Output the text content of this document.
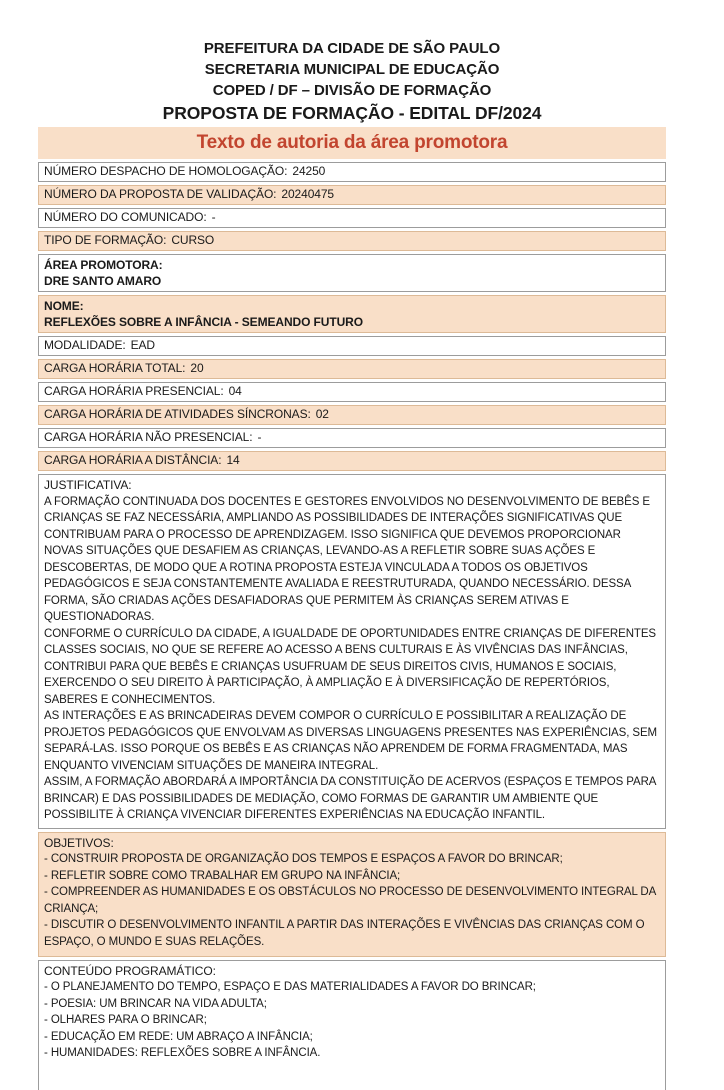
PREFEITURA DA CIDADE DE SÃO PAULO
SECRETARIA MUNICIPAL DE EDUCAÇÃO
COPED / DF – DIVISÃO DE FORMAÇÃO
PROPOSTA DE FORMAÇÃO - EDITAL DF/2024
Texto de autoria da área promotora
NÚMERO DESPACHO DE HOMOLOGAÇÃO: 24250
NÚMERO DA PROPOSTA DE VALIDAÇÃO: 20240475
NÚMERO DO COMUNICADO: -
TIPO DE FORMAÇÃO: CURSO
ÁREA PROMOTORA:
DRE SANTO AMARO
NOME:
REFLEXÕES SOBRE A INFÂNCIA - SEMEANDO FUTURO
MODALIDADE: EAD
CARGA HORÁRIA TOTAL: 20
CARGA HORÁRIA PRESENCIAL: 04
CARGA HORÁRIA DE ATIVIDADES SÍNCRONAS: 02
CARGA HORÁRIA NÃO PRESENCIAL: -
CARGA HORÁRIA A DISTÂNCIA: 14
JUSTIFICATIVA:
A FORMAÇÃO CONTINUADA DOS DOCENTES E GESTORES ENVOLVIDOS NO DESENVOLVIMENTO DE BEBÊS E CRIANÇAS SE FAZ NECESSÁRIA, AMPLIANDO AS POSSIBILIDADES DE INTERAÇÕES SIGNIFICATIVAS QUE CONTRIBUAM PARA O PROCESSO DE APRENDIZAGEM. ISSO SIGNIFICA QUE DEVEMOS PROPORCIONAR NOVAS SITUAÇÕES QUE DESAFIEM AS CRIANÇAS, LEVANDO-AS A REFLETIR SOBRE SUAS AÇÕES E DESCOBERTAS, DE MODO QUE A ROTINA PROPOSTA ESTEJA VINCULADA A TODOS OS OBJETIVOS PEDAGÓGICOS E SEJA CONSTANTEMENTE AVALIADA E REESTRUTURADA, QUANDO NECESSÁRIO. DESSA FORMA, SÃO CRIADAS AÇÕES DESAFIADORAS QUE PERMITEM ÀS CRIANÇAS SEREM ATIVAS E QUESTIONADORAS.
CONFORME O CURRÍCULO DA CIDADE, A IGUALDADE DE OPORTUNIDADES ENTRE CRIANÇAS DE DIFERENTES CLASSES SOCIAIS, NO QUE SE REFERE AO ACESSO A BENS CULTURAIS E ÀS VIVÊNCIAS DAS INFÂNCIAS, CONTRIBUI PARA QUE BEBÊS E CRIANÇAS USUFRUAM DE SEUS DIREITOS CIVIS, HUMANOS E SOCIAIS, EXERCENDO O SEU DIREITO À PARTICIPAÇÃO, À AMPLIAÇÃO E À DIVERSIFICAÇÃO DE REPERTÓRIOS, SABERES E CONHECIMENTOS.
AS INTERAÇÕES E AS BRINCADEIRAS DEVEM COMPOR O CURRÍCULO E POSSIBILITAR A REALIZAÇÃO DE PROJETOS PEDAGÓGICOS QUE ENVOLVAM AS DIVERSAS LINGUAGENS PRESENTES NAS EXPERIÊNCIAS, SEM SEPARÁ-LAS. ISSO PORQUE OS BEBÊS E AS CRIANÇAS NÃO APRENDEM DE FORMA FRAGMENTADA, MAS ENQUANTO VIVENCIAM SITUAÇÕES DE MANEIRA INTEGRAL.
ASSIM, A FORMAÇÃO ABORDARÁ A IMPORTÂNCIA DA CONSTITUIÇÃO DE ACERVOS (ESPAÇOS E TEMPOS PARA BRINCAR) E DAS POSSIBILIDADES DE MEDIAÇÃO, COMO FORMAS DE GARANTIR UM AMBIENTE QUE POSSIBILITE À CRIANÇA VIVENCIAR DIFERENTES EXPERIÊNCIAS NA EDUCAÇÃO INFANTIL.
OBJETIVOS:
- CONSTRUIR PROPOSTA DE ORGANIZAÇÃO DOS TEMPOS E ESPAÇOS A FAVOR DO BRINCAR;
- REFLETIR SOBRE COMO TRABALHAR EM GRUPO NA INFÂNCIA;
- COMPREENDER AS HUMANIDADES E OS OBSTÁCULOS NO PROCESSO DE DESENVOLVIMENTO INTEGRAL DA CRIANÇA;
- DISCUTIR O DESENVOLVIMENTO INFANTIL A PARTIR DAS INTERAÇÕES E VIVÊNCIAS DAS CRIANÇAS COM O ESPAÇO, O MUNDO E SUAS RELAÇÕES.
CONTEÚDO PROGRAMÁTICO:
- O PLANEJAMENTO DO TEMPO, ESPAÇO E DAS MATERIALIDADES A FAVOR DO BRINCAR;
- POESIA: UM BRINCAR NA VIDA ADULTA;
- OLHARES PARA O BRINCAR;
- EDUCAÇÃO EM REDE: UM ABRAÇO A INFÂNCIA;
- HUMANIDADES: REFLEXÕES SOBRE A INFÂNCIA.
